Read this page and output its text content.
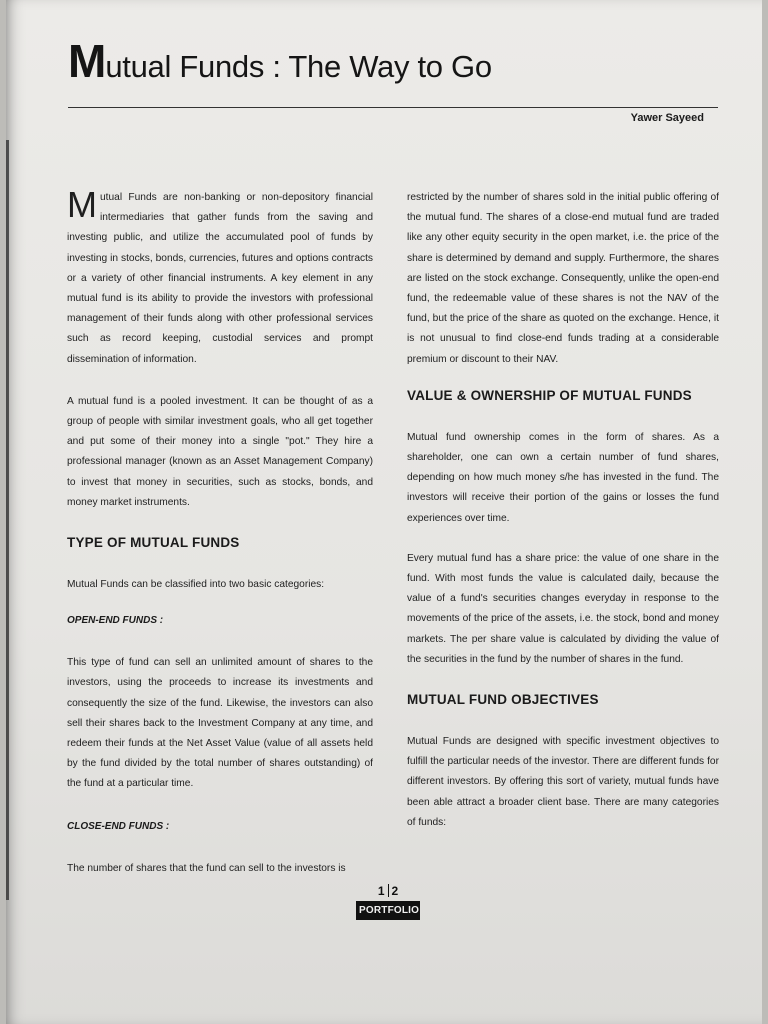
Mutual Funds : The Way to Go
Yawer Sayeed

Mutual Funds are non-banking or non-depository financial intermediaries that gather funds from the saving and investing public, and utilize the accumulated pool of funds by investing in stocks, bonds, currencies, futures and options contracts or a variety of other financial instruments. A key element in any mutual fund is its ability to provide the investors with professional management of their funds along with other professional services such as record keeping, custodial services and prompt dissemination of information.

A mutual fund is a pooled investment. It can be thought of as a group of people with similar investment goals, who all get together and put some of their money into a single "pot." They hire a professional manager (known as an Asset Management Company) to invest that money in securities, such as stocks, bonds, and money market instruments.

TYPE OF MUTUAL FUNDS

Mutual Funds can be classified into two basic categories:

OPEN-END FUNDS :

This type of fund can sell an unlimited amount of shares to the investors, using the proceeds to increase its investments and consequently the size of the fund. Likewise, the investors can also sell their shares back to the Investment Company at any time, and redeem their funds at the Net Asset Value (value of all assets held by the fund divided by the total number of shares outstanding) of the fund at a particular time.

CLOSE-END FUNDS :

The number of shares that the fund can sell to the investors is

restricted by the number of shares sold in the initial public offering of the mutual fund. The shares of a close-end mutual fund are traded like any other equity security in the open market, i.e. the price of the share is determined by demand and supply. Furthermore, the shares are listed on the stock exchange. Consequently, unlike the open-end fund, the redeemable value of these shares is not the NAV of the fund, but the price of the share as quoted on the exchange. Hence, it is not unusual to find close-end funds trading at a considerable premium or discount to their NAV.

VALUE & OWNERSHIP OF MUTUAL FUNDS

Mutual fund ownership comes in the form of shares. As a shareholder, one can own a certain number of fund shares, depending on how much money s/he has invested in the fund. The investors will receive their portion of the gains or losses the fund experiences over time.

Every mutual fund has a share price: the value of one share in the fund. With most funds the value is calculated daily, because the value of a fund's securities changes everyday in response to the movements of the price of the assets, i.e. the stock, bond and money markets. The per share value is calculated by dividing the value of the securities in the fund by the number of shares in the fund.

MUTUAL FUND OBJECTIVES

Mutual Funds are designed with specific investment objectives to fulfill the particular needs of the investor. There are different funds for different investors. By offering this sort of variety, mutual funds have been able attract a broader client base. There are many categories of funds:

1 2
PORTFOLIO
